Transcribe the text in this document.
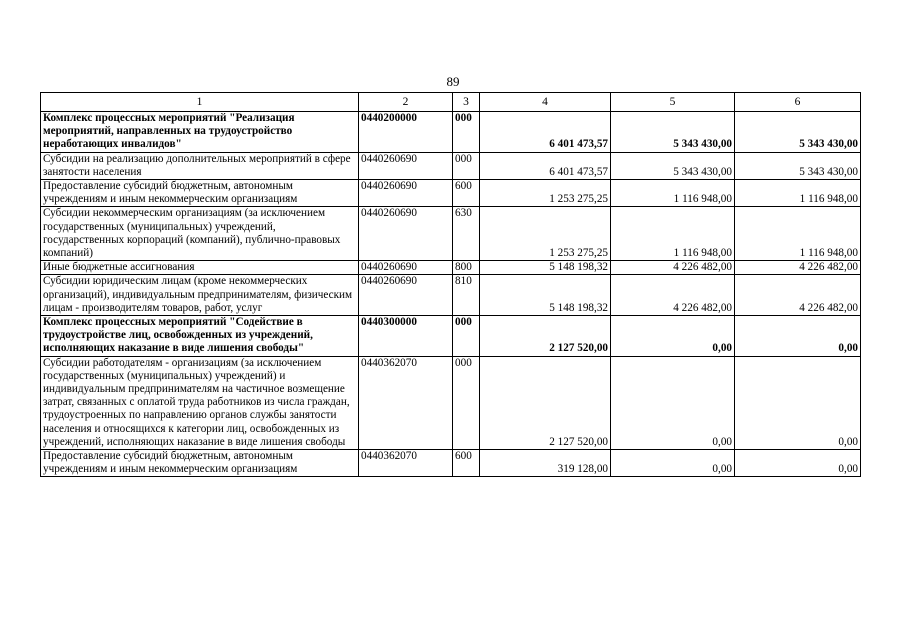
89
1	2	3	4	5	6
Комплекс процессных мероприятий "Реализация мероприятий, направленных на трудоустройство неработающих инвалидов"	0440200000	000	6 401 473,57	5 343 430,00	5 343 430,00
Субсидии на реализацию дополнительных мероприятий в сфере занятости населения	0440260690	000	6 401 473,57	5 343 430,00	5 343 430,00
Предоставление субсидий бюджетным, автономным учреждениям и иным некоммерческим организациям	0440260690	600	1 253 275,25	1 116 948,00	1 116 948,00
Субсидии некоммерческим организациям (за исключением государственных (муниципальных) учреждений, государственных корпораций (компаний), публично-правовых компаний)	0440260690	630	1 253 275,25	1 116 948,00	1 116 948,00
Иные бюджетные ассигнования	0440260690	800	5 148 198,32	4 226 482,00	4 226 482,00
Субсидии юридическим лицам (кроме некоммерческих организаций), индивидуальным предпринимателям, физическим лицам - производителям товаров, работ, услуг	0440260690	810	5 148 198,32	4 226 482,00	4 226 482,00
Комплекс процессных мероприятий "Содействие в трудоустройстве лиц, освобожденных из учреждений, исполняющих наказание в виде лишения свободы"	0440300000	000	2 127 520,00	0,00	0,00
Субсидии работодателям - организациям (за исключением государственных (муниципальных) учреждений) и индивидуальным предпринимателям на частичное возмещение затрат, связанных с оплатой труда работников из числа граждан, трудоустроенных по направлению органов службы занятости населения и относящихся к категории лиц, освобожденных из учреждений, исполняющих наказание в виде лишения свободы	0440362070	000	2 127 520,00	0,00	0,00
Предоставление субсидий бюджетным, автономным учреждениям и иным некоммерческим организациям	0440362070	600	319 128,00	0,00	0,00
